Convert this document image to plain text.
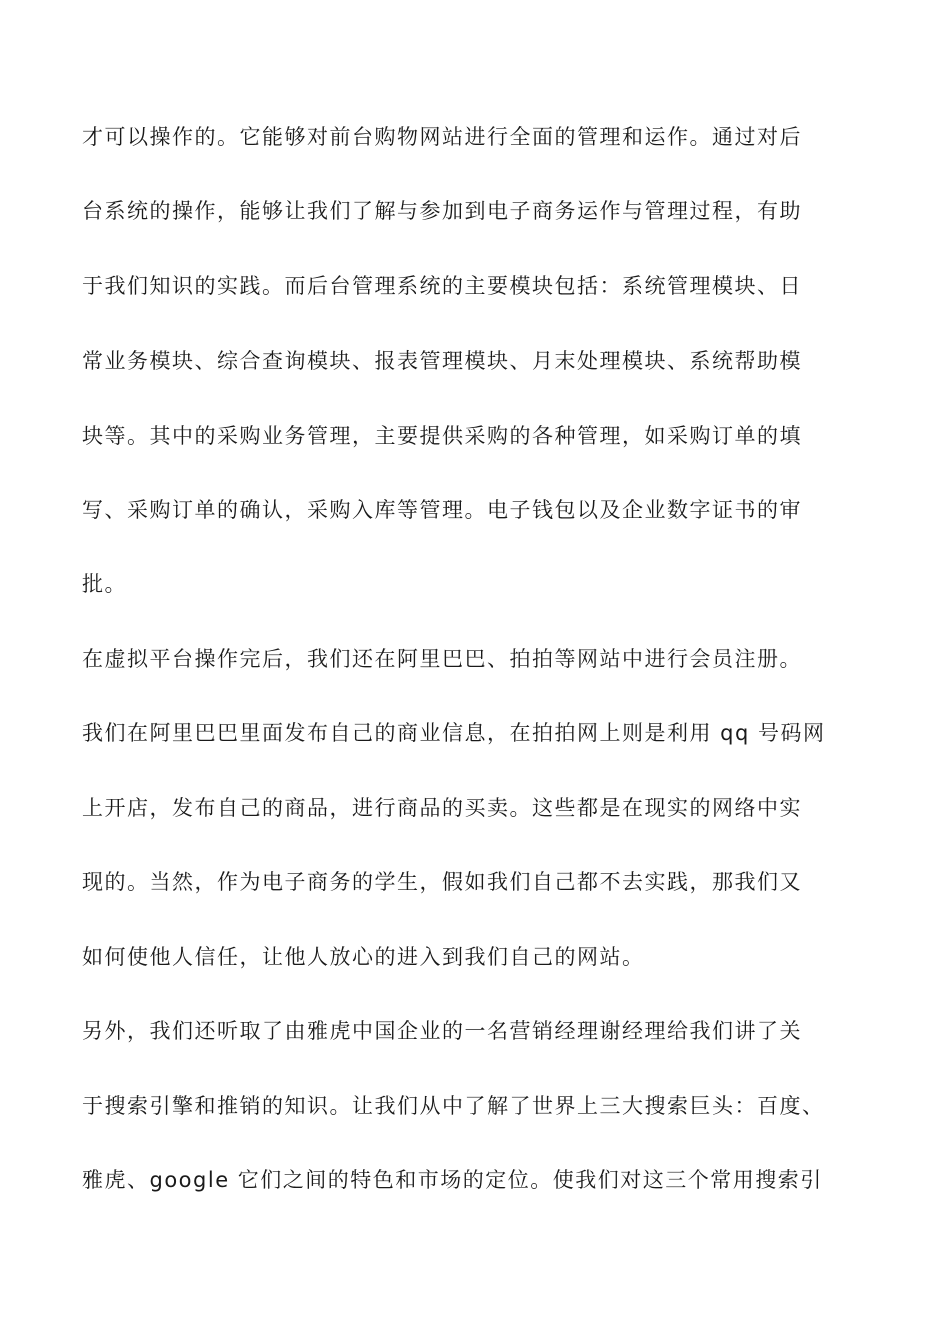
才可以操作的。它能够对前台购物网站进行全面的管理和运作。通过对后
台系统的操作，能够让我们了解与参加到电子商务运作与管理过程，有助
于我们知识的实践。而后台管理系统的主要模块包括：系统管理模块、日
常业务模块、综合查询模块、报表管理模块、月末处理模块、系统帮助模
块等。其中的采购业务管理，主要提供采购的各种管理，如采购订单的填
写、采购订单的确认，采购入库等管理。电子钱包以及企业数字证书的审
批。
在虚拟平台操作完后，我们还在阿里巴巴、拍拍等网站中进行会员注册。
我们在阿里巴巴里面发布自己的商业信息，在拍拍网上则是利用 qq 号码网
上开店，发布自己的商品，进行商品的买卖。这些都是在现实的网络中实
现的。当然，作为电子商务的学生，假如我们自己都不去实践，那我们又
如何使他人信任，让他人放心的进入到我们自己的网站。
另外，我们还听取了由雅虎中国企业的一名营销经理谢经理给我们讲了关
于搜索引擎和推销的知识。让我们从中了解了世界上三大搜索巨头：百度、
雅虎、google 它们之间的特色和市场的定位。使我们对这三个常用搜索引
